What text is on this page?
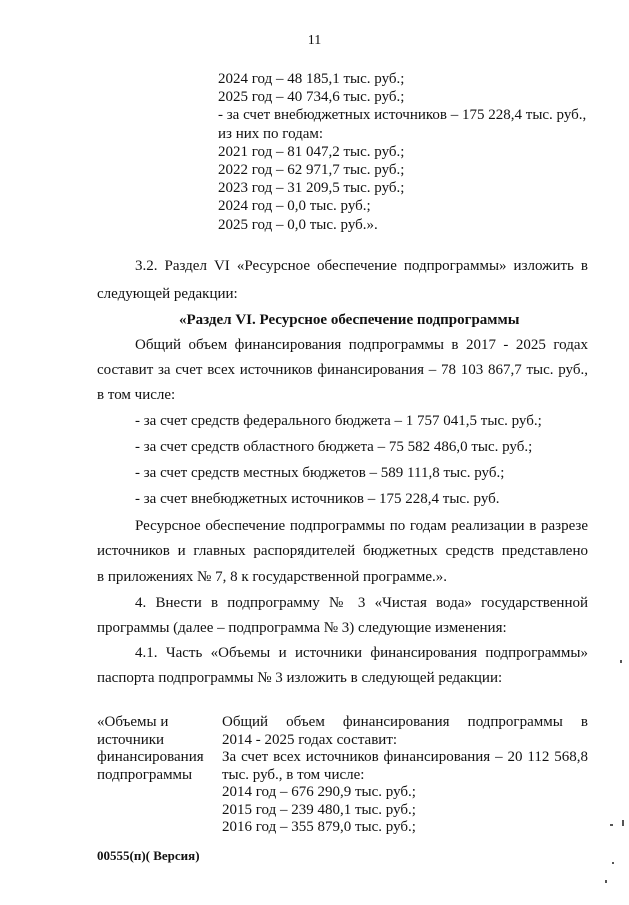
11
2024 год – 48 185,1 тыс. руб.;
2025 год – 40 734,6 тыс. руб.;
- за счет внебюджетных источников – 175 228,4 тыс. руб.,
из них по годам:
2021 год – 81 047,2 тыс. руб.;
2022 год – 62 971,7 тыс. руб.;
2023 год – 31 209,5 тыс. руб.;
2024 год – 0,0 тыс. руб.;
2025 год – 0,0 тыс. руб.».
3.2. Раздел VI «Ресурсное обеспечение подпрограммы» изложить в
следующей редакции:
«Раздел VI. Ресурсное обеспечение подпрограммы
Общий объем финансирования подпрограммы в 2017 - 2025 годах
составит за счет всех источников финансирования – 78 103 867,7 тыс. руб.,
в том числе:
- за счет средств федерального бюджета – 1 757 041,5 тыс. руб.;
- за счет средств областного бюджета – 75 582 486,0 тыс. руб.;
- за счет средств местных бюджетов – 589 111,8 тыс. руб.;
- за счет внебюджетных источников – 175 228,4 тыс. руб.
Ресурсное обеспечение подпрограммы по годам реализации в разрезе
источников и главных распорядителей бюджетных средств представлено
в приложениях № 7, 8 к государственной программе.».
4. Внести в подпрограмму № 3 «Чистая вода» государственной
программы (далее – подпрограмма № 3) следующие изменения:
4.1. Часть «Объемы и источники финансирования подпрограммы»
паспорта подпрограммы № 3 изложить в следующей редакции:
«Объемы и
источники
финансирования
подпрограммы
Общий объем финансирования подпрограммы в
2014 - 2025 годах составит:
За счет всех источников финансирования – 20 112 568,8
тыс. руб., в том числе:
2014 год – 676 290,9 тыс. руб.;
2015 год – 239 480,1 тыс. руб.;
2016 год – 355 879,0 тыс. руб.;
00555(п)( Версия)
